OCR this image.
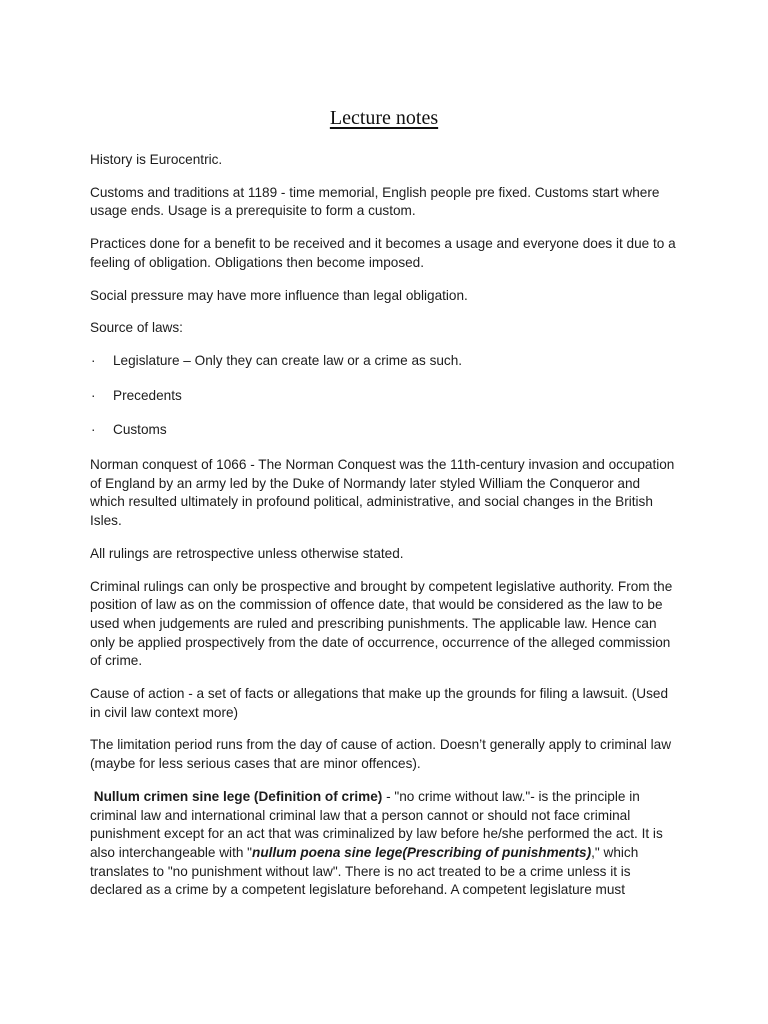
Lecture notes

History is Eurocentric.

Customs and traditions at 1189 - time memorial, English people pre fixed. Customs start where usage ends. Usage is a prerequisite to form a custom.

Practices done for a benefit to be received and it becomes a usage and everyone does it due to a feeling of obligation. Obligations then become imposed.

Social pressure may have more influence than legal obligation.

Source of laws:

·	Legislature – Only they can create law or a crime as such.
·	Precedents
·	Customs

Norman conquest of 1066 - The Norman Conquest was the 11th-century invasion and occupation of England by an army led by the Duke of Normandy later styled William the Conqueror and which resulted ultimately in profound political, administrative, and social changes in the British Isles.

All rulings are retrospective unless otherwise stated.

Criminal rulings can only be prospective and brought by competent legislative authority. From the position of law as on the commission of offence date, that would be considered as the law to be used when judgements are ruled and prescribing punishments. The applicable law. Hence can only be applied prospectively from the date of occurrence, occurrence of the alleged commission of crime.

Cause of action - a set of facts or allegations that make up the grounds for filing a lawsuit. (Used in civil law context more)

The limitation period runs from the day of cause of action. Doesn’t generally apply to criminal law (maybe for less serious cases that are minor offences).

Nullum crimen sine lege (Definition of crime) - "no crime without law."- is the principle in criminal law and international criminal law that a person cannot or should not face criminal punishment except for an act that was criminalized by law before he/she performed the act. It is also interchangeable with "nullum poena sine lege(Prescribing of punishments)," which translates to "no punishment without law". There is no act treated to be a crime unless it is declared as a crime by a competent legislature beforehand. A competent legislature must
